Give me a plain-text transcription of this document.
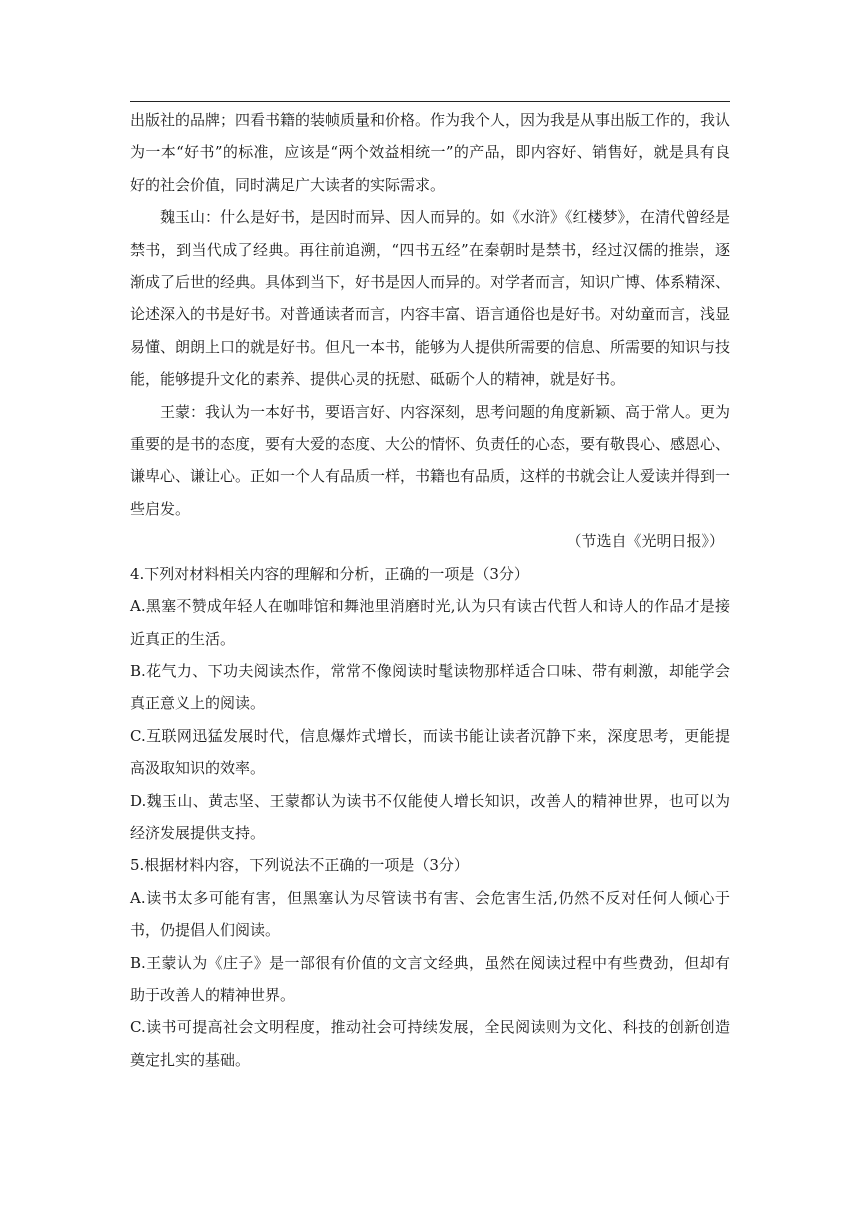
出版社的品牌；四看书籍的装帧质量和价格。作为我个人，因为我是从事出版工作的，我认为一本“好书”的标准，应该是“两个效益相统一”的产品，即内容好、销售好，就是具有良好的社会价值，同时满足广大读者的实际需求。

魏玉山：什么是好书，是因时而异、因人而异的。如《水浒》《红楼梦》，在清代曾经是禁书，到当代成了经典。再往前追溯，“四书五经”在秦朝时是禁书，经过汉儒的推崇，逐渐成了后世的经典。具体到当下，好书是因人而异的。对学者而言，知识广博、体系精深、论述深入的书是好书。对普通读者而言，内容丰富、语言通俗也是好书。对幼童而言，浅显易懂、朗朗上口的就是好书。但凡一本书，能够为人提供所需要的信息、所需要的知识与技能，能够提升文化的素养、提供心灵的抚慰、砥砺个人的精神，就是好书。

王蒙：我认为一本好书，要语言好、内容深刻，思考问题的角度新颖、高于常人。更为重要的是书的态度，要有大爱的态度、大公的情怀、负责任的心态，要有敬畏心、感恩心、谦卑心、谦让心。正如一个人有品质一样，书籍也有品质，这样的书就会让人爱读并得到一些启发。

（节选自《光明日报》）

4.下列对材料相关内容的理解和分析，正确的一项是（3分）

A.黑塞不赞成年轻人在咖啡馆和舞池里消磨时光,认为只有读古代哲人和诗人的作品才是接近真正的生活。

B.花气力、下功夫阅读杰作，常常不像阅读时髦读物那样适合口味、带有刺激，却能学会真正意义上的阅读。

C.互联网迅猛发展时代，信息爆炸式增长，而读书能让读者沉静下来，深度思考，更能提高汲取知识的效率。

D.魏玉山、黄志坚、王蒙都认为读书不仅能使人增长知识，改善人的精神世界，也可以为经济发展提供支持。

5.根据材料内容，下列说法不正确的一项是（3分）

A.读书太多可能有害，但黑塞认为尽管读书有害、会危害生活,仍然不反对任何人倾心于书，仍提倡人们阅读。

B.王蒙认为《庄子》是一部很有价值的文言文经典，虽然在阅读过程中有些费劲，但却有助于改善人的精神世界。

C.读书可提高社会文明程度，推动社会可持续发展，全民阅读则为文化、科技的创新创造奠定扎实的基础。
